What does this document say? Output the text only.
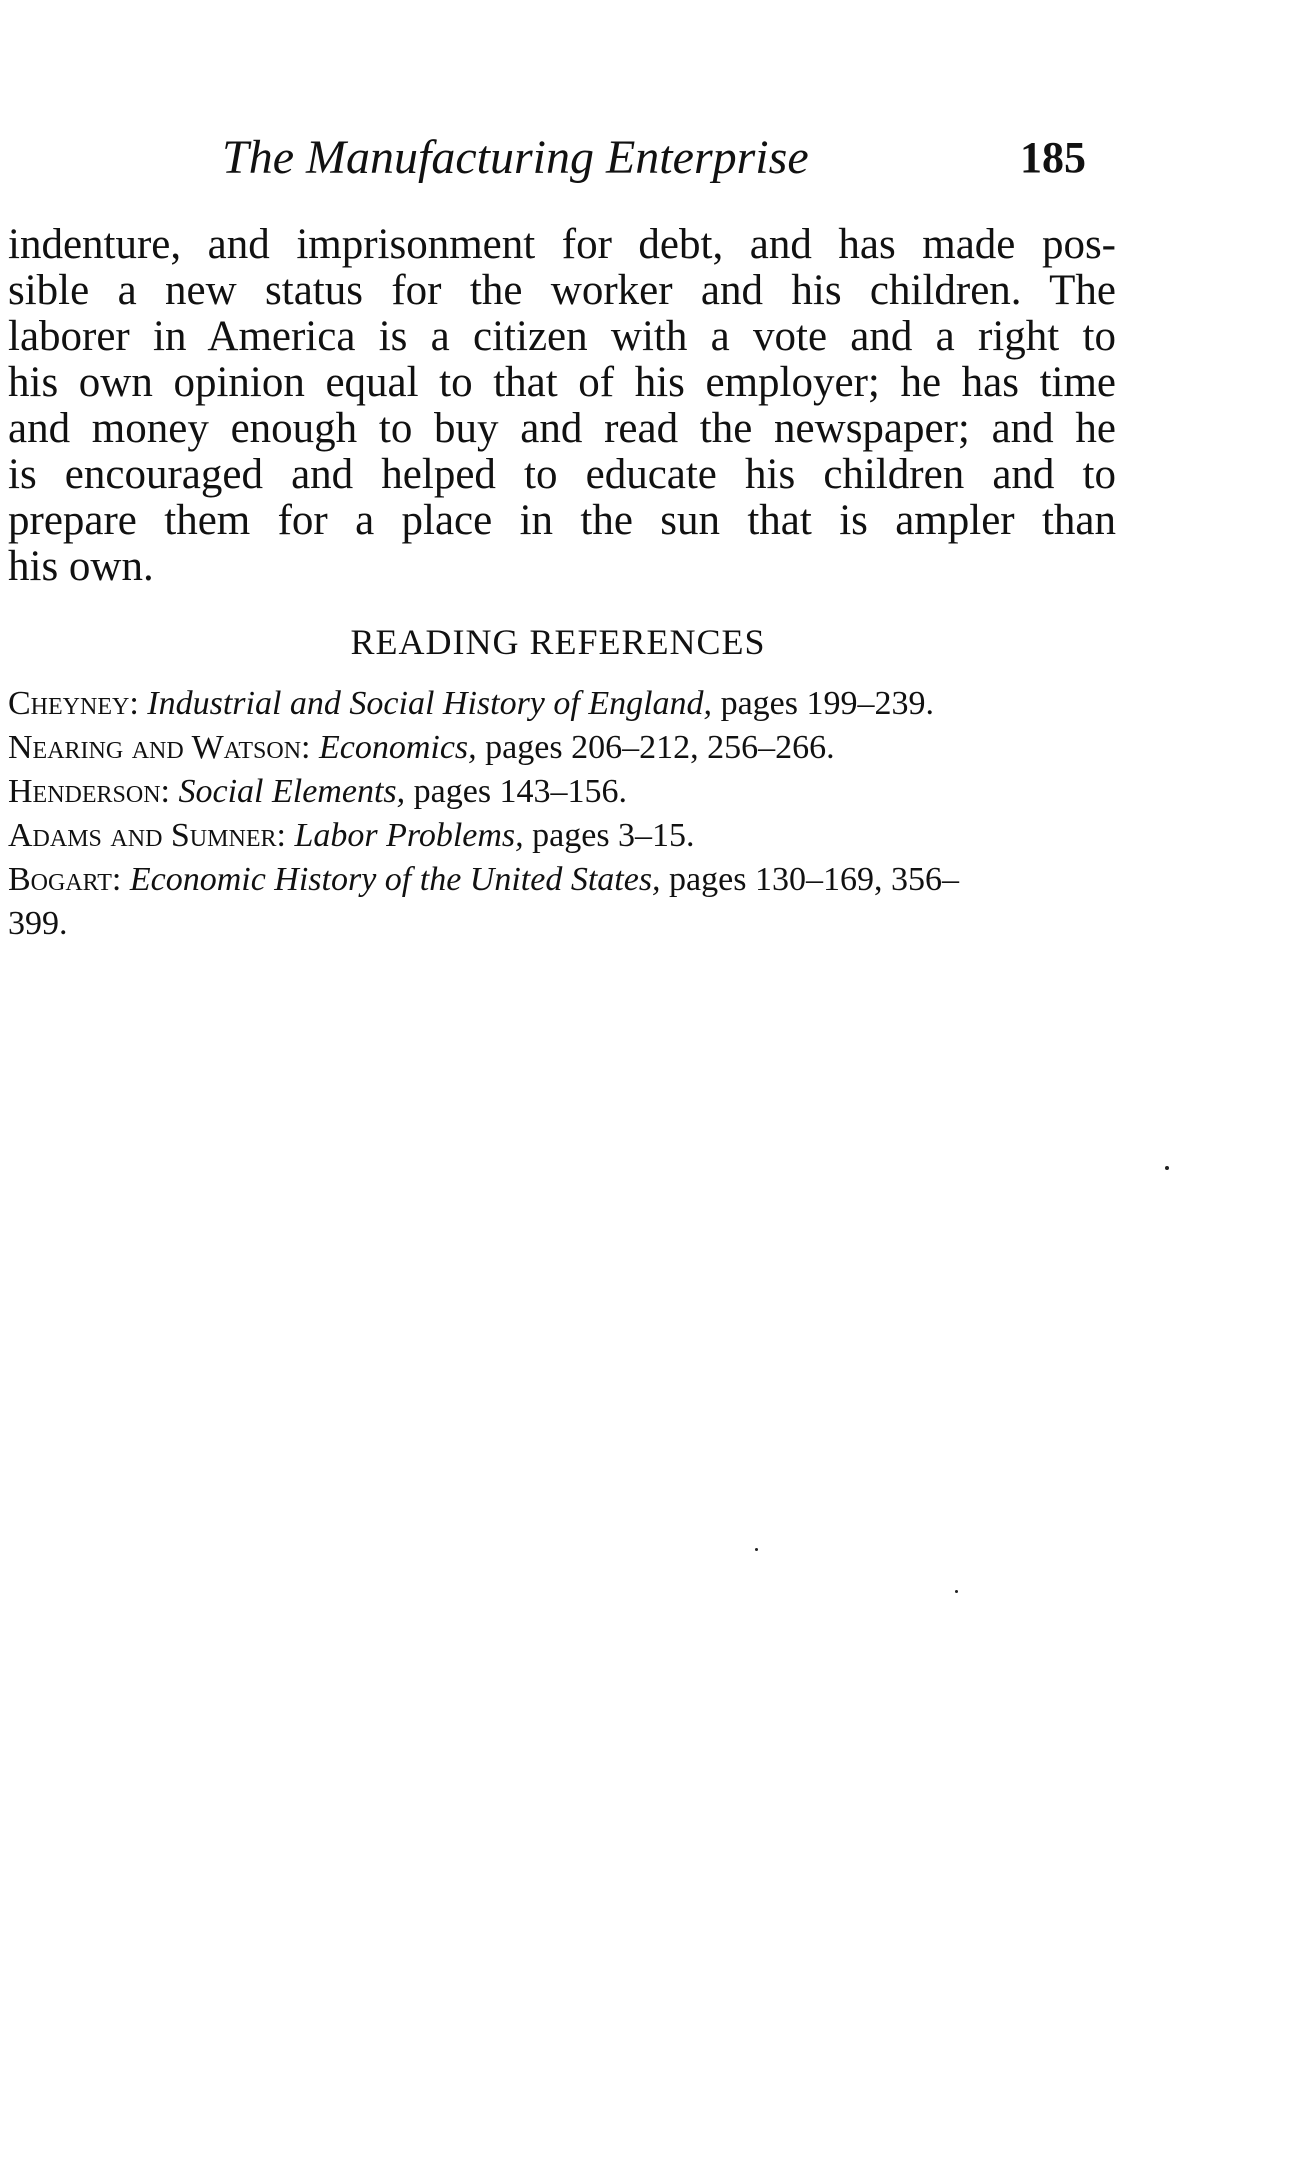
The Manufacturing Enterprise	185

indenture, and imprisonment for debt, and has made pos-
sible a new status for the worker and his children. The
laborer in America is a citizen with a vote and a right to
his own opinion equal to that of his employer; he has time
and money enough to buy and read the newspaper; and he
is encouraged and helped to educate his children and to
prepare them for a place in the sun that is ampler than
his own.

READING REFERENCES
Cheyney: Industrial and Social History of England, pages 199–239.
Nearing and Watson: Economics, pages 206–212, 256–266.
Henderson: Social Elements, pages 143–156.
Adams and Sumner: Labor Problems, pages 3–15.
Bogart: Economic History of the United States, pages 130–169, 356–
399.
